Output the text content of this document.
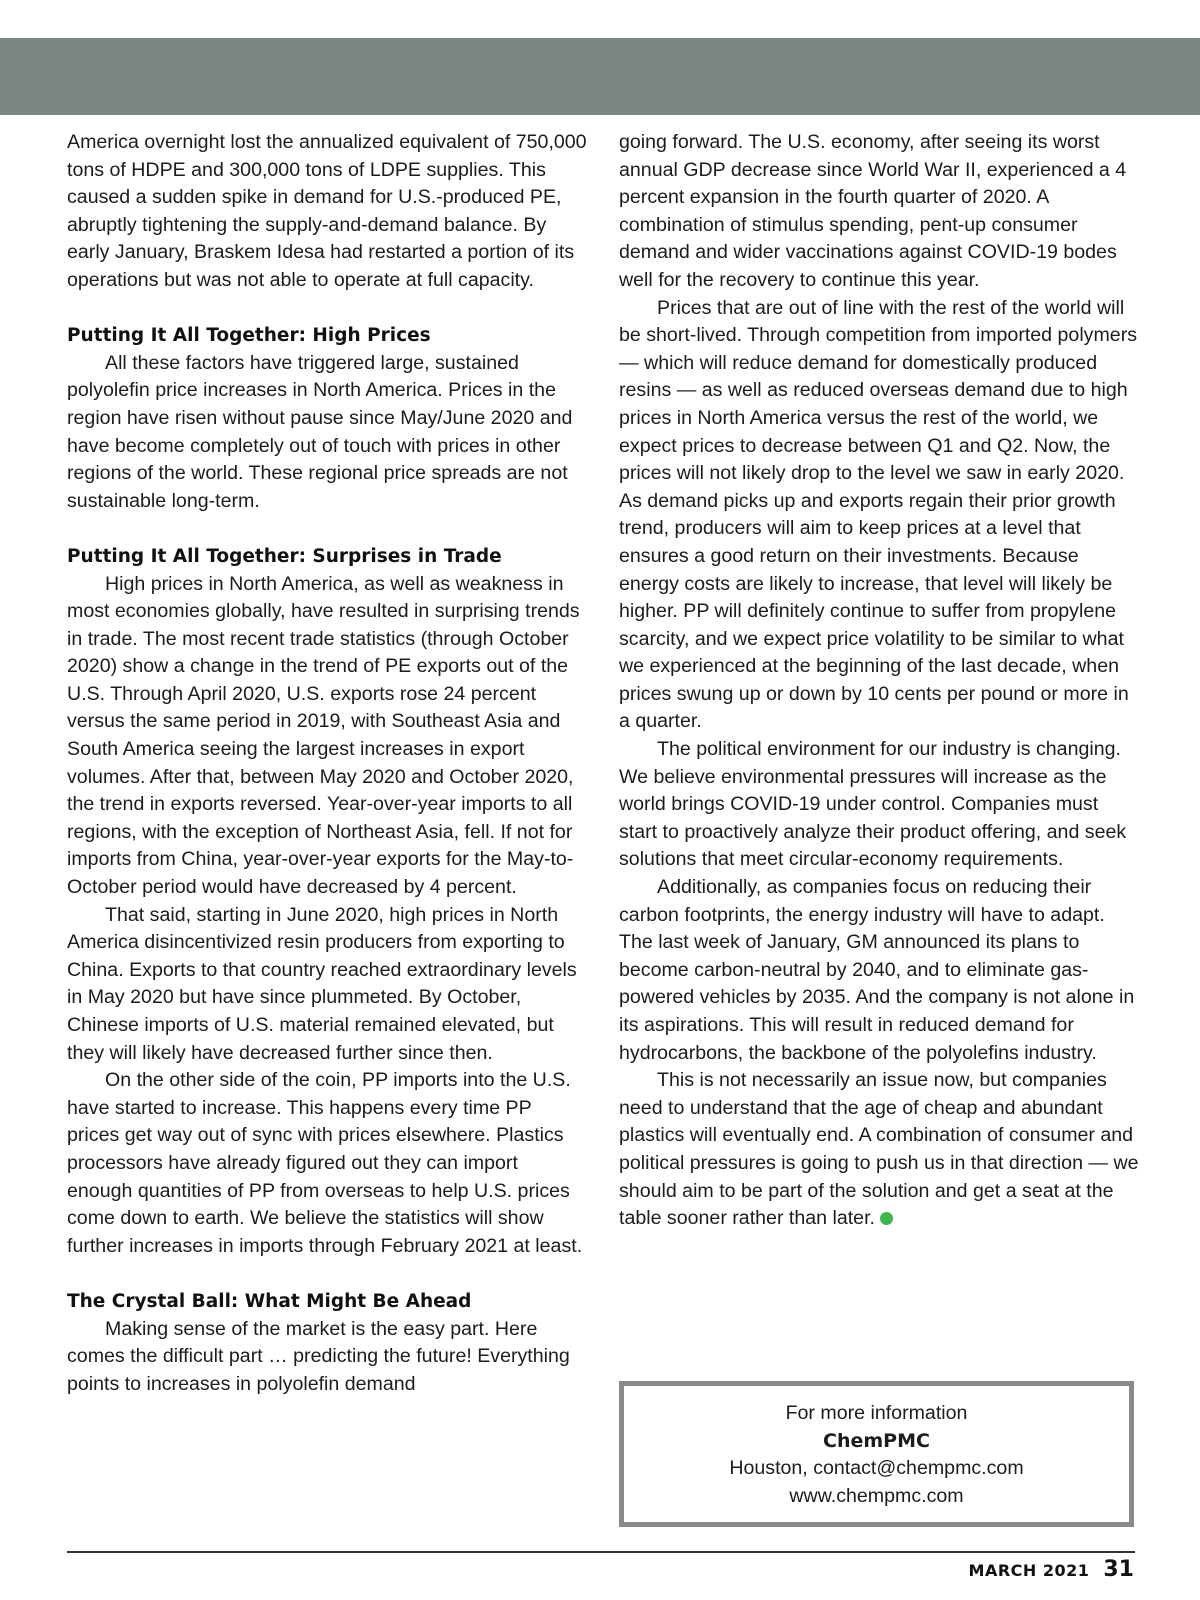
America overnight lost the annualized equivalent of 750,000 tons of HDPE and 300,000 tons of LDPE supplies. This caused a sudden spike in demand for U.S.-produced PE, abruptly tightening the supply-and-demand balance. By early January, Braskem Idesa had restarted a portion of its operations but was not able to operate at full capacity.

Putting It All Together: High Prices

All these factors have triggered large, sustained polyolefin price increases in North America. Prices in the region have risen without pause since May/June 2020 and have become completely out of touch with prices in other regions of the world. These regional price spreads are not sustainable long-term.

Putting It All Together: Surprises in Trade

High prices in North America, as well as weakness in most economies globally, have resulted in surprising trends in trade. The most recent trade statistics (through October 2020) show a change in the trend of PE exports out of the U.S. Through April 2020, U.S. exports rose 24 percent versus the same period in 2019, with Southeast Asia and South America seeing the largest increases in export volumes. After that, between May 2020 and October 2020, the trend in exports reversed. Year-over-year imports to all regions, with the exception of Northeast Asia, fell. If not for imports from China, year-over-year exports for the May-to-October period would have decreased by 4 percent.

That said, starting in June 2020, high prices in North America disincentivized resin producers from exporting to China. Exports to that country reached extraordinary levels in May 2020 but have since plummeted. By October, Chinese imports of U.S. material remained elevated, but they will likely have decreased further since then.

On the other side of the coin, PP imports into the U.S. have started to increase. This happens every time PP prices get way out of sync with prices elsewhere. Plastics processors have already figured out they can import enough quantities of PP from overseas to help U.S. prices come down to earth. We believe the statistics will show further increases in imports through February 2021 at least.

The Crystal Ball: What Might Be Ahead

Making sense of the market is the easy part. Here comes the difficult part … predicting the future! Everything points to increases in polyolefin demand

going forward. The U.S. economy, after seeing its worst annual GDP decrease since World War II, experienced a 4 percent expansion in the fourth quarter of 2020. A combination of stimulus spending, pent-up consumer demand and wider vaccinations against COVID-19 bodes well for the recovery to continue this year.

Prices that are out of line with the rest of the world will be short-lived. Through competition from imported polymers — which will reduce demand for domestically produced resins — as well as reduced overseas demand due to high prices in North America versus the rest of the world, we expect prices to decrease between Q1 and Q2. Now, the prices will not likely drop to the level we saw in early 2020. As demand picks up and exports regain their prior growth trend, producers will aim to keep prices at a level that ensures a good return on their investments. Because energy costs are likely to increase, that level will likely be higher. PP will definitely continue to suffer from propylene scarcity, and we expect price volatility to be similar to what we experienced at the beginning of the last decade, when prices swung up or down by 10 cents per pound or more in a quarter.

The political environment for our industry is changing. We believe environmental pressures will increase as the world brings COVID-19 under control. Companies must start to proactively analyze their product offering, and seek solutions that meet circular-economy requirements.

Additionally, as companies focus on reducing their carbon footprints, the energy industry will have to adapt. The last week of January, GM announced its plans to become carbon-neutral by 2040, and to eliminate gas-powered vehicles by 2035. And the company is not alone in its aspirations. This will result in reduced demand for hydrocarbons, the backbone of the polyolefins industry.

This is not necessarily an issue now, but companies need to understand that the age of cheap and abundant plastics will eventually end. A combination of consumer and political pressures is going to push us in that direction — we should aim to be part of the solution and get a seat at the table sooner rather than later.

For more information
ChemPMC
Houston, contact@chempmc.com
www.chempmc.com
MARCH 2021 31
